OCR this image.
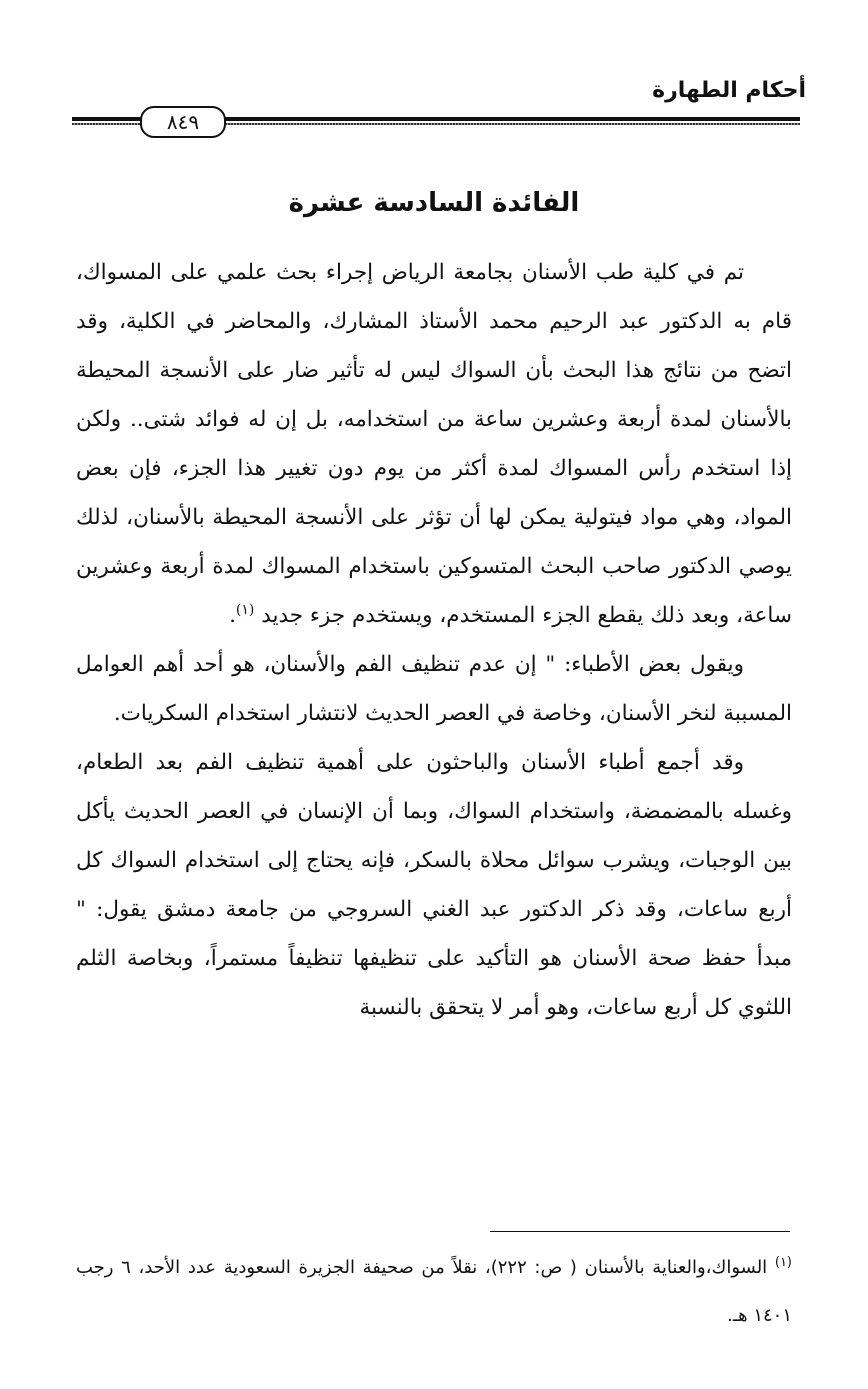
أحكام الطهارة
٨٤٩
الفائدة السادسة عشرة

تم في كلية طب الأسنان بجامعة الرياض إجراء بحث علمي على المسواك، قام به الدكتور عبد الرحيم محمد الأستاذ المشارك، والمحاضر في الكلية، وقد اتضح من نتائج هذا البحث بأن السواك ليس له تأثير ضار على الأنسجة المحيطة بالأسنان لمدة أربعة وعشرين ساعة من استخدامه، بل إن له فوائد شتى.. ولكن إذا استخدم رأس المسواك لمدة أكثر من يوم دون تغيير هذا الجزء، فإن بعض المواد، وهي مواد فيتولية يمكن لها أن تؤثر على الأنسجة المحيطة بالأسنان، لذلك يوصي الدكتور صاحب البحث المتسوكين باستخدام المسواك لمدة أربعة وعشرين ساعة، وبعد ذلك يقطع الجزء المستخدم، ويستخدم جزء جديد $^{(١)}$.

ويقول بعض الأطباء: " إن عدم تنظيف الفم والأسنان، هو أحد أهم العوامل المسببة لنخر الأسنان، وخاصة في العصر الحديث لانتشار استخدام السكريات.

وقد أجمع أطباء الأسنان والباحثون على أهمية تنظيف الفم بعد الطعام، وغسله بالمضمضة، واستخدام السواك، وبما أن الإنسان في العصر الحديث يأكل بين الوجبات، ويشرب سوائل محلاة بالسكر، فإنه يحتاج إلى استخدام السواك كل أربع ساعات، وقد ذكر الدكتور عبد الغني السروجي من جامعة دمشق يقول: " مبدأ حفظ صحة الأسنان هو التأكيد على تنظيفها تنظيفاً مستمراً، وبخاصة الثلم اللثوي كل أربع ساعات، وهو أمر لا يتحقق بالنسبة

$^{(١)}$ السواك،والعناية بالأسنان ( ص: ٢٢٢)، نقلاً من صحيفة الجزيرة السعودية عدد الأحد، ٦ رجب ١٤٠١ هـ.
